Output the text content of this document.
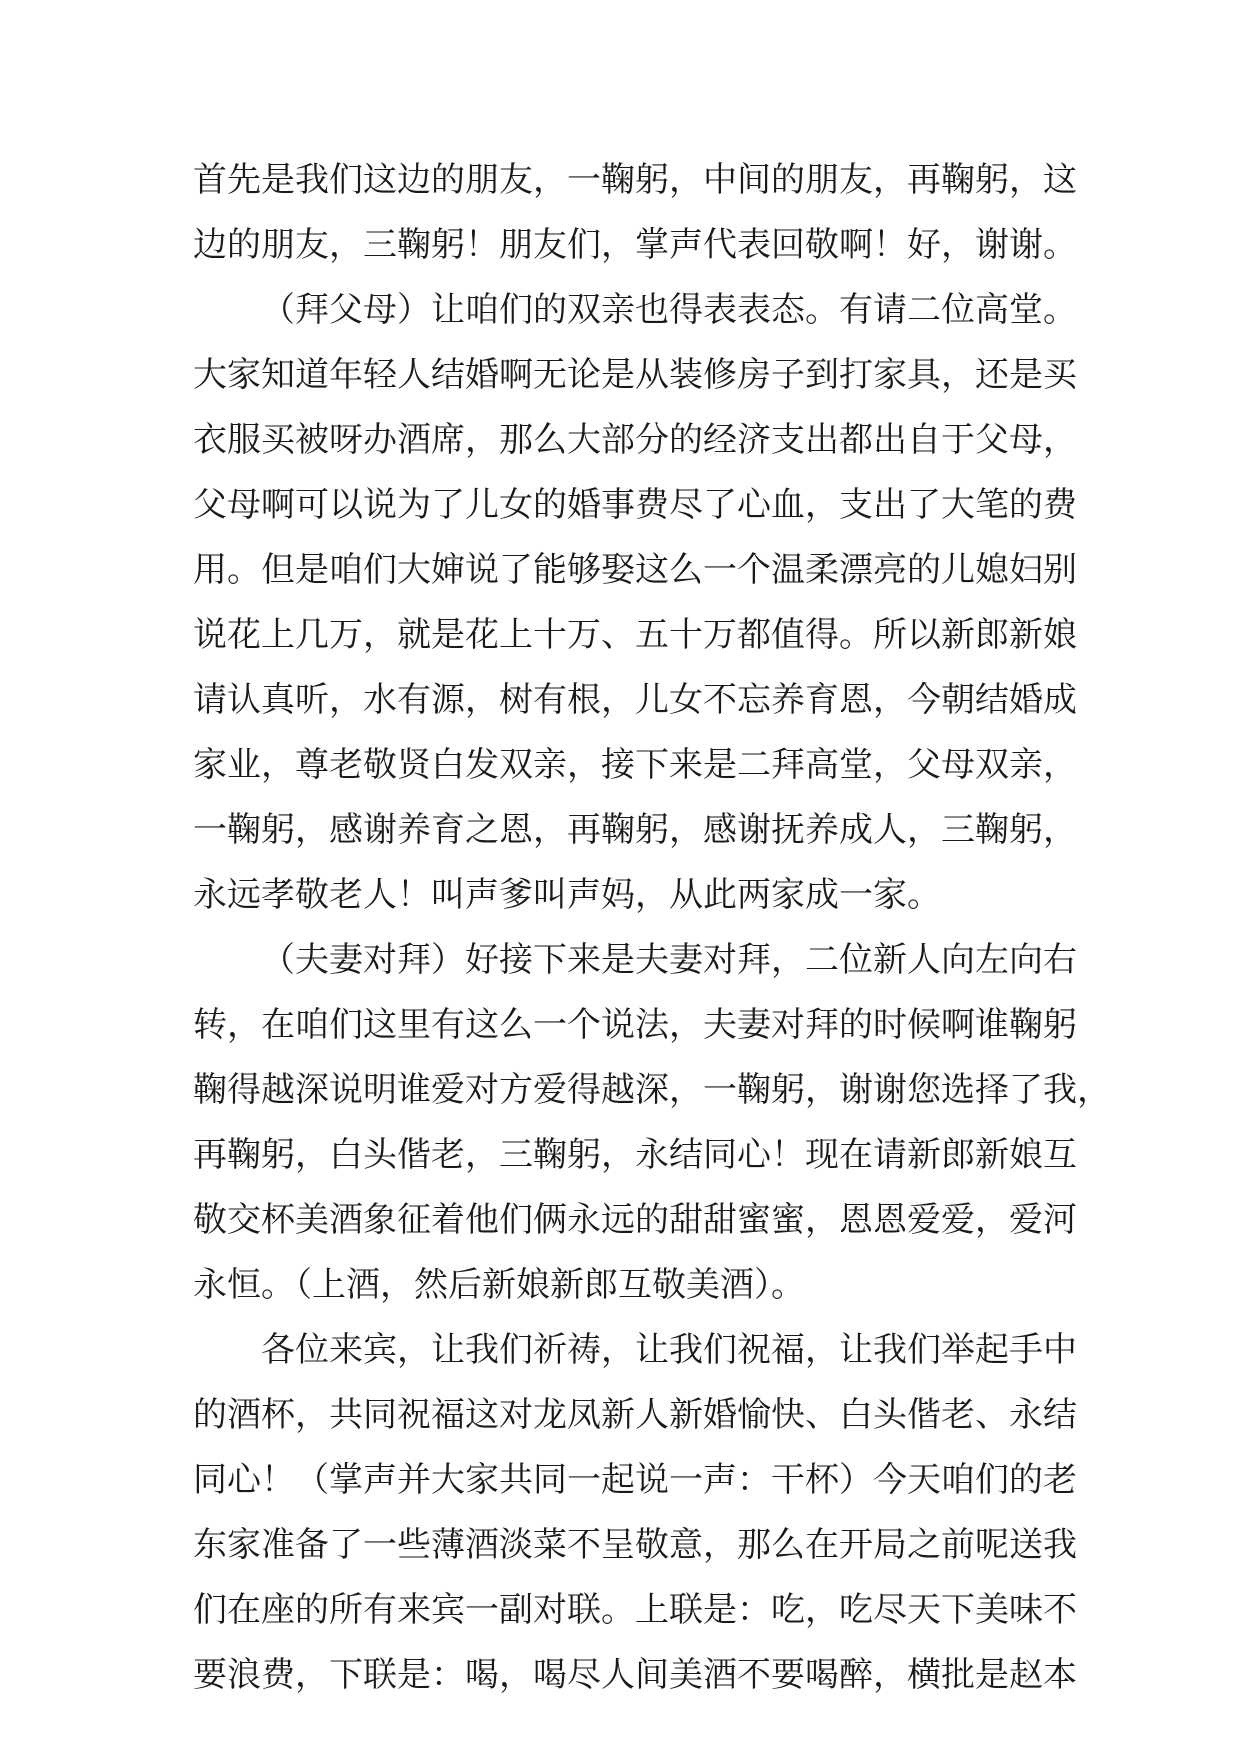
首先是我们这边的朋友，一鞠躬，中间的朋友，再鞠躬，这
边的朋友，三鞠躬！朋友们，掌声代表回敬啊！好，谢谢。
（拜父母）让咱们的双亲也得表表态。有请二位高堂。
大家知道年轻人结婚啊无论是从装修房子到打家具，还是买
衣服买被呀办酒席，那么大部分的经济支出都出自于父母，
父母啊可以说为了儿女的婚事费尽了心血，支出了大笔的费
用。但是咱们大婶说了能够娶这么一个温柔漂亮的儿媳妇别
说花上几万，就是花上十万、五十万都值得。所以新郎新娘
请认真听，水有源，树有根，儿女不忘养育恩，今朝结婚成
家业，尊老敬贤白发双亲，接下来是二拜高堂，父母双亲，
一鞠躬，感谢养育之恩，再鞠躬，感谢抚养成人，三鞠躬，
永远孝敬老人！叫声爹叫声妈，从此两家成一家。
（夫妻对拜）好接下来是夫妻对拜，二位新人向左向右
转，在咱们这里有这么一个说法，夫妻对拜的时候啊谁鞠躬
鞠得越深说明谁爱对方爱得越深，一鞠躬，谢谢您选择了我，
再鞠躬，白头偕老，三鞠躬，永结同心！现在请新郎新娘互
敬交杯美酒象征着他们俩永远的甜甜蜜蜜，恩恩爱爱，爱河
永恒。（上酒，然后新娘新郎互敬美酒）。
各位来宾，让我们祈祷，让我们祝福，让我们举起手中
的酒杯，共同祝福这对龙凤新人新婚愉快、白头偕老、永结
同心！（掌声并大家共同一起说一声：干杯）今天咱们的老
东家准备了一些薄酒淡菜不呈敬意，那么在开局之前呢送我
们在座的所有来宾一副对联。上联是：吃，吃尽天下美味不
要浪费，下联是：喝，喝尽人间美酒不要喝醉，横批是赵本
